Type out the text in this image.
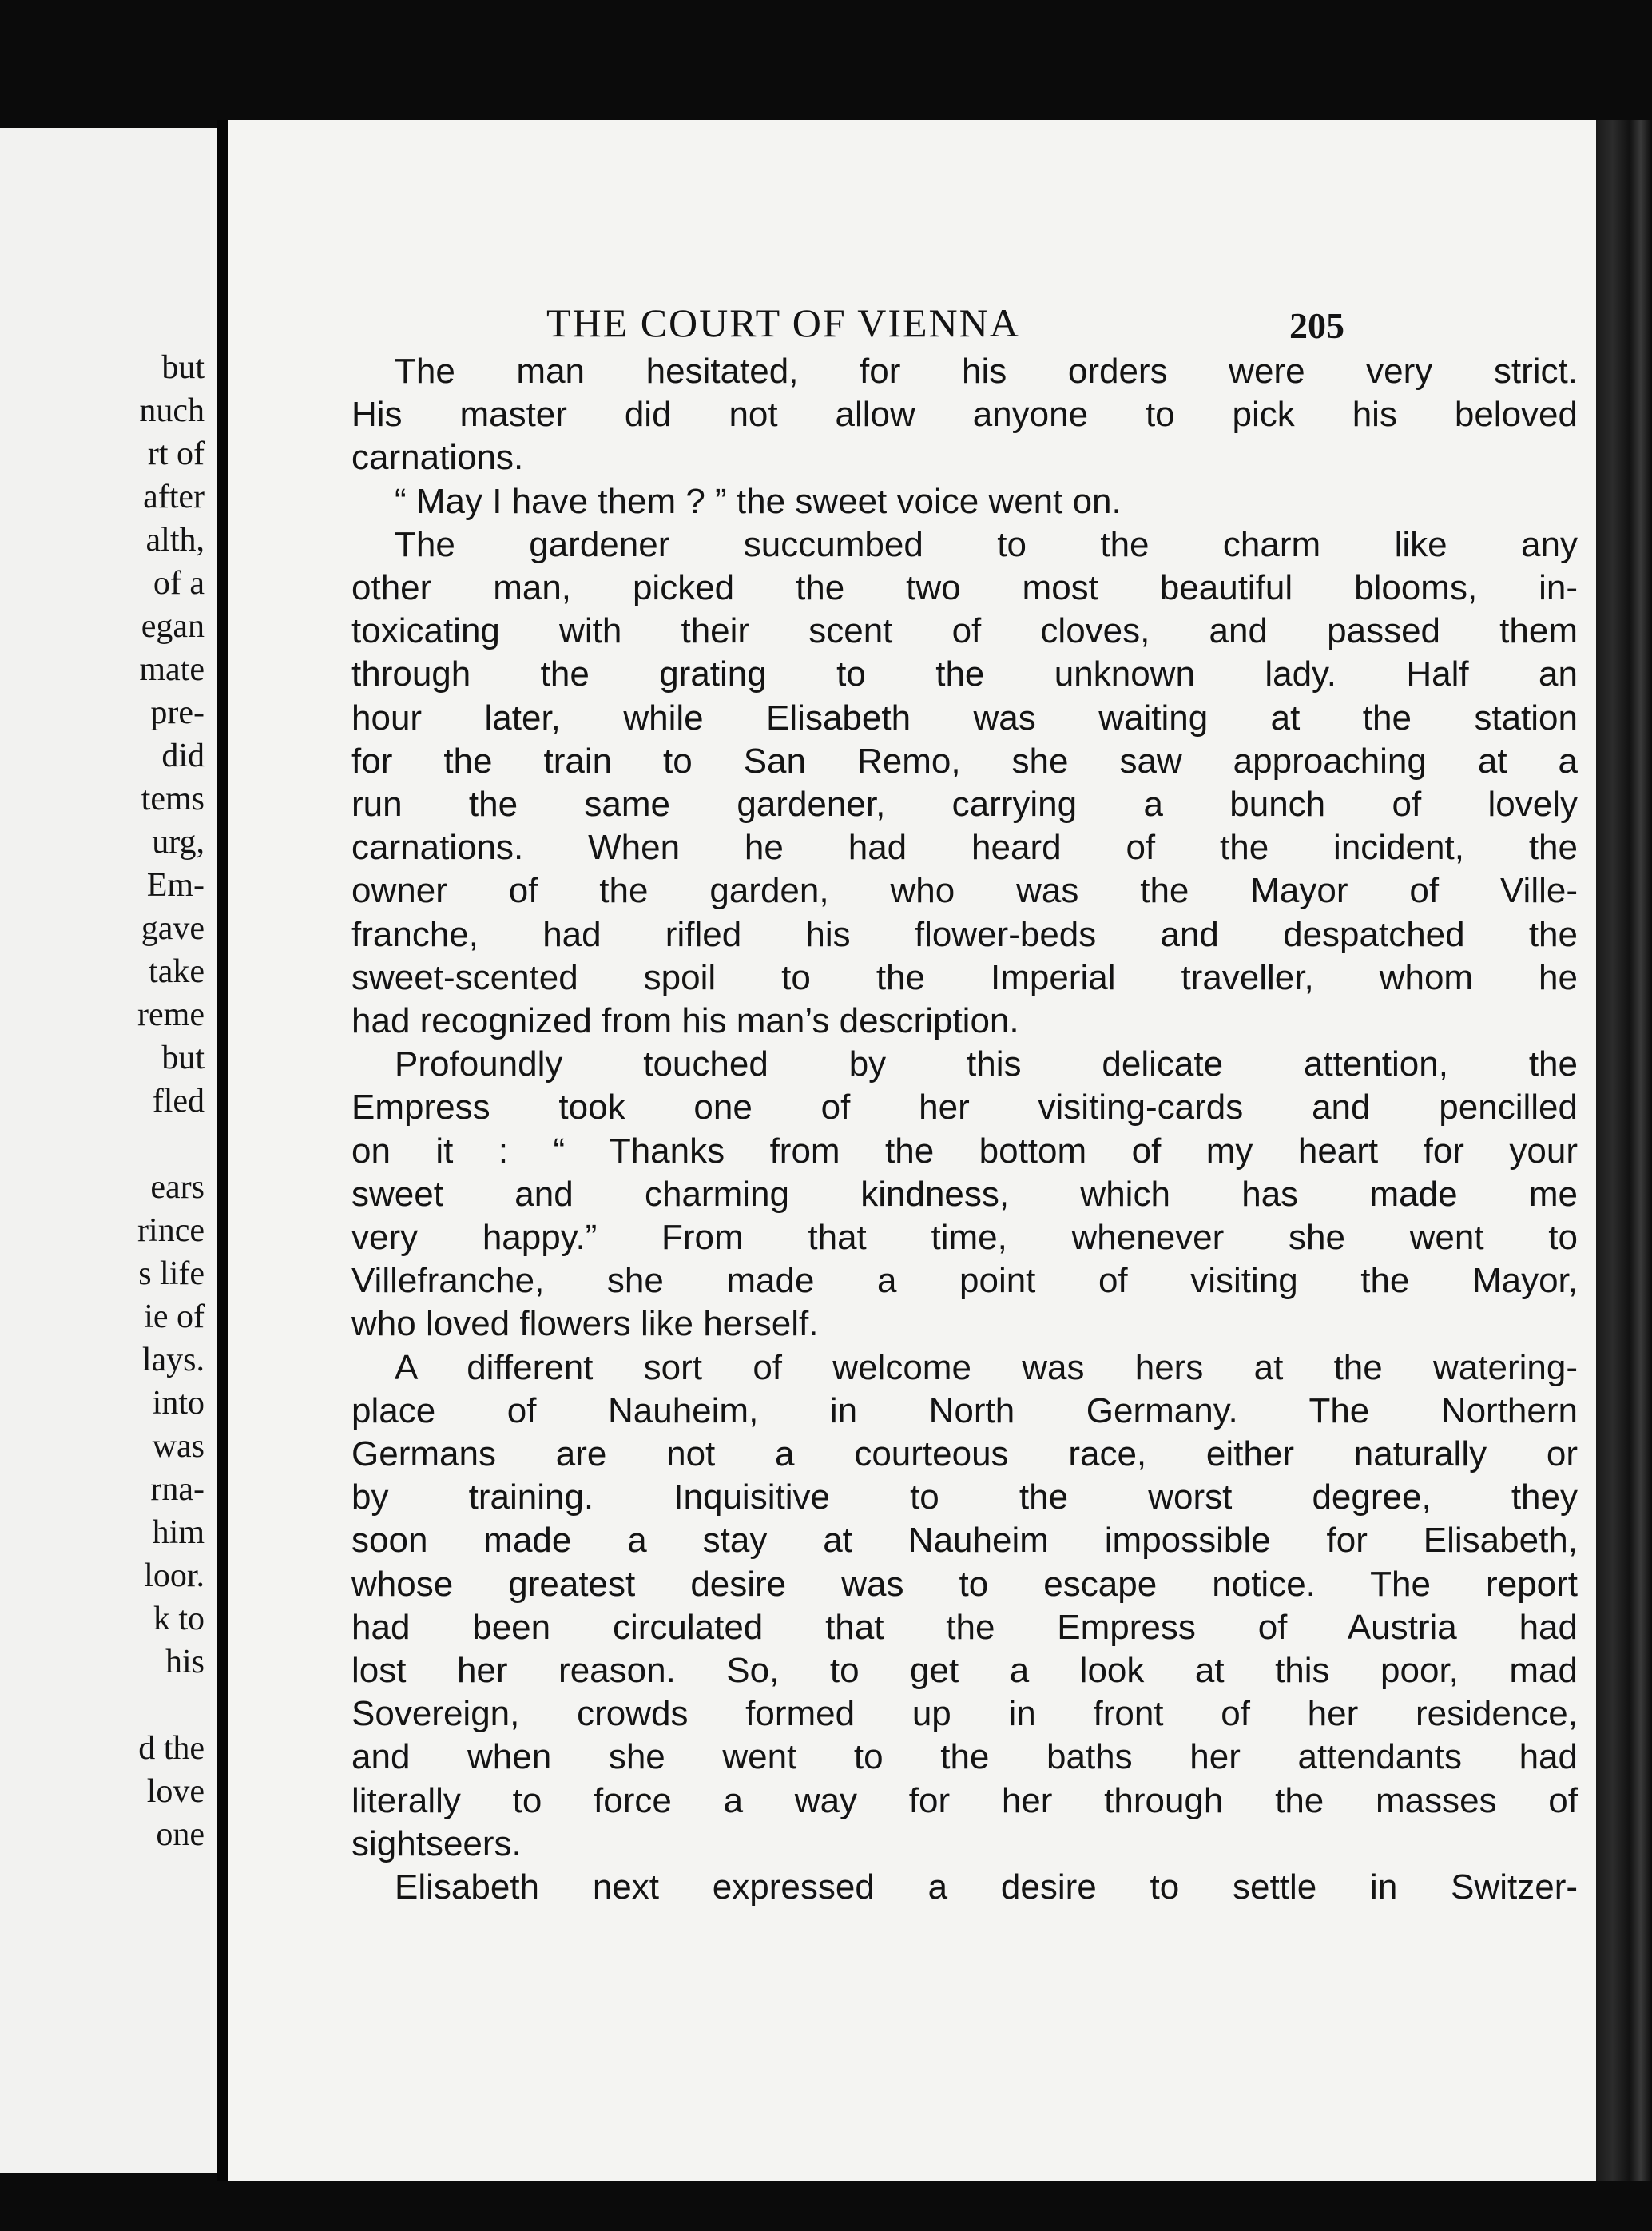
but
nuch
rt of
after
alth,
of a
egan
mate
pre-
did
tems
urg,
Em-
gave
take
reme
but
fled
ears
rince
s life
ie of
lays.
into
was
rna-
him
loor.
k to
his
d the
love
one
THE COURT OF VIENNA	205
The man hesitated, for his orders were very strict.
His master did not allow anyone to pick his beloved
carnations.
“ May I have them ? ” the sweet voice went on.
The gardener succumbed to the charm like any
other man, picked the two most beautiful blooms, in-
toxicating with their scent of cloves, and passed them
through the grating to the unknown lady. Half an
hour later, while Elisabeth was waiting at the station
for the train to San Remo, she saw approaching at a
run the same gardener, carrying a bunch of lovely
carnations. When he had heard of the incident, the
owner of the garden, who was the Mayor of Ville-
franche, had rifled his flower-beds and despatched the
sweet-scented spoil to the Imperial traveller, whom he
had recognized from his man’s description.
Profoundly touched by this delicate attention, the
Empress took one of her visiting-cards and pencilled
on it : “ Thanks from the bottom of my heart for your
sweet and charming kindness, which has made me
very happy.” From that time, whenever she went to
Villefranche, she made a point of visiting the Mayor,
who loved flowers like herself.
A different sort of welcome was hers at the watering-
place of Nauheim, in North Germany. The Northern
Germans are not a courteous race, either naturally or
by training. Inquisitive to the worst degree, they
soon made a stay at Nauheim impossible for Elisabeth,
whose greatest desire was to escape notice. The report
had been circulated that the Empress of Austria had
lost her reason. So, to get a look at this poor, mad
Sovereign, crowds formed up in front of her residence,
and when she went to the baths her attendants had
literally to force a way for her through the masses of
sightseers.
Elisabeth next expressed a desire to settle in Switzer-
